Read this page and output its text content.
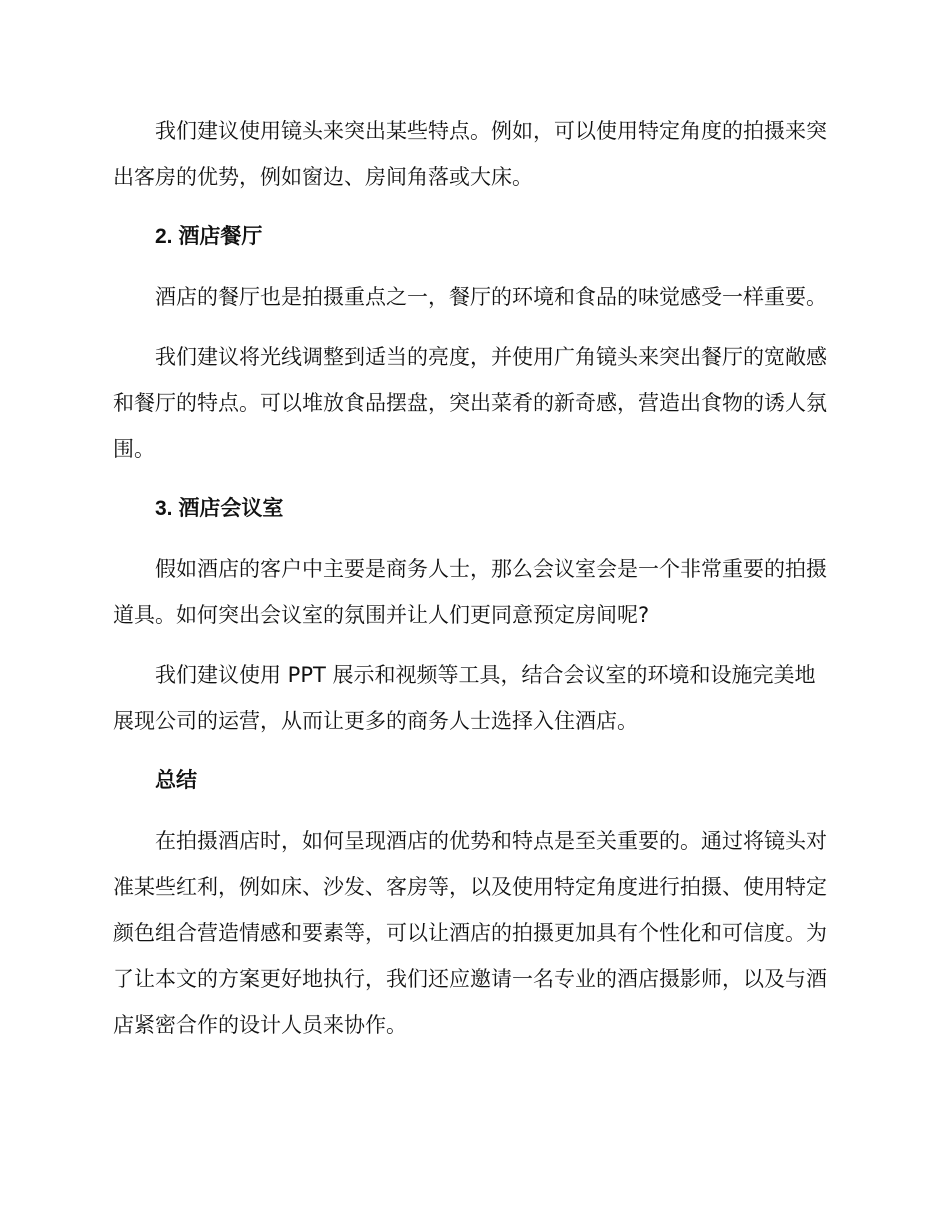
我们建议使用镜头来突出某些特点。例如，可以使用特定角度的拍摄来突出客房的优势，例如窗边、房间角落或大床。

2. 酒店餐厅

酒店的餐厅也是拍摄重点之一，餐厅的环境和食品的味觉感受一样重要。

我们建议将光线调整到适当的亮度，并使用广角镜头来突出餐厅的宽敞感和餐厅的特点。可以堆放食品摆盘，突出菜肴的新奇感，营造出食物的诱人氛围。

3. 酒店会议室

假如酒店的客户中主要是商务人士，那么会议室会是一个非常重要的拍摄道具。如何突出会议室的氛围并让人们更同意预定房间呢?

我们建议使用 PPT 展示和视频等工具，结合会议室的环境和设施完美地展现公司的运营，从而让更多的商务人士选择入住酒店。

总结

在拍摄酒店时，如何呈现酒店的优势和特点是至关重要的。通过将镜头对准某些红利，例如床、沙发、客房等，以及使用特定角度进行拍摄、使用特定颜色组合营造情感和要素等，可以让酒店的拍摄更加具有个性化和可信度。为了让本文的方案更好地执行，我们还应邀请一名专业的酒店摄影师，以及与酒店紧密合作的设计人员来协作。
